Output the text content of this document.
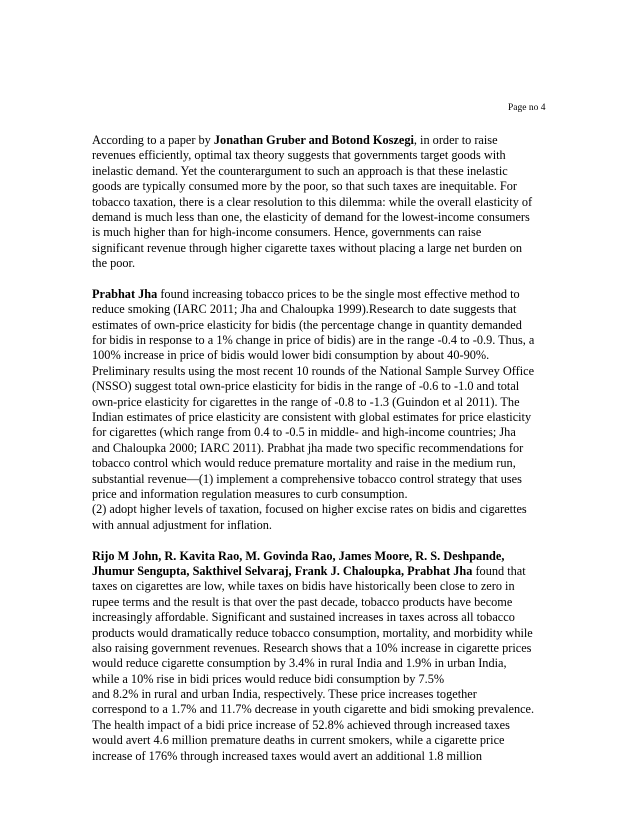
Page no 4
According to a paper by Jonathan Gruber and Botond Koszegi, in order to raise
revenues efficiently, optimal tax theory suggests that governments target goods with
inelastic demand. Yet the counterargument to such an approach is that these inelastic
goods are typically consumed more by the poor, so that such taxes are inequitable. For
tobacco taxation, there is a clear resolution to this dilemma: while the overall elasticity of
demand is much less than one, the elasticity of demand for the lowest-income consumers
is much higher than for high-income consumers. Hence, governments can raise
significant revenue through higher cigarette taxes without placing a large net burden on
the poor.
Prabhat Jha found increasing tobacco prices to be the single most effective method to
reduce smoking (IARC 2011; Jha and Chaloupka 1999).Research to date suggests that
estimates of own-price elasticity for bidis (the percentage change in quantity demanded
for bidis in response to a 1% change in price of bidis) are in the range -0.4 to -0.9. Thus, a
100% increase in price of bidis would lower bidi consumption by about 40-90%.
Preliminary results using the most recent 10 rounds of the National Sample Survey Office
(NSSO) suggest total own-price elasticity for bidis in the range of -0.6 to -1.0 and total
own-price elasticity for cigarettes in the range of -0.8 to -1.3 (Guindon et al 2011). The
Indian estimates of price elasticity are consistent with global estimates for price elasticity
for cigarettes (which range from 0.4 to -0.5 in middle- and high-income countries; Jha
and Chaloupka 2000; IARC 2011). Prabhat jha made two specific recommendations for
tobacco control which would reduce premature mortality and raise in the medium run,
substantial revenue—(1) implement a comprehensive tobacco control strategy that uses
price and information regulation measures to curb consumption.
(2) adopt higher levels of taxation, focused on higher excise rates on bidis and cigarettes
with annual adjustment for inflation.
Rijo M John, R. Kavita Rao, M. Govinda Rao, James Moore, R. S. Deshpande,
Jhumur Sengupta, Sakthivel Selvaraj, Frank J. Chaloupka, Prabhat Jha found that
taxes on cigarettes are low, while taxes on bidis have historically been close to zero in
rupee terms and the result is that over the past decade, tobacco products have become
increasingly affordable. Significant and sustained increases in taxes across all tobacco
products would dramatically reduce tobacco consumption, mortality, and morbidity while
also raising government revenues. Research shows that a 10% increase in cigarette prices
would reduce cigarette consumption by 3.4% in rural India and 1.9% in urban India,
while a 10% rise in bidi prices would reduce bidi consumption by 7.5%
and 8.2% in rural and urban India, respectively. These price increases together
correspond to a 1.7% and 11.7% decrease in youth cigarette and bidi smoking prevalence.
The health impact of a bidi price increase of 52.8% achieved through increased taxes
would avert 4.6 million premature deaths in current smokers, while a cigarette price
increase of 176% through increased taxes would avert an additional 1.8 million
